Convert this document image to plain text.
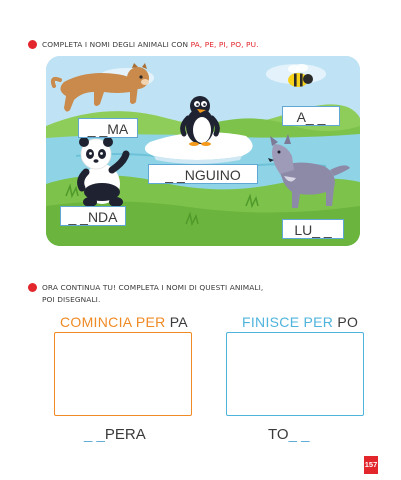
COMPLETA I NOMI DEGLI ANIMALI CON PA, PE, PI, PO, PU.
_ _MA
A_ _
_ _NGUINO
_ _NDA
LU_ _
ORA CONTINUA TU! COMPLETA I NOMI DI QUESTI ANIMALI,
POI DISEGNALI.
COMINCIA PER PA
_ _PERA
FINISCE PER PO
TO_ _
157
